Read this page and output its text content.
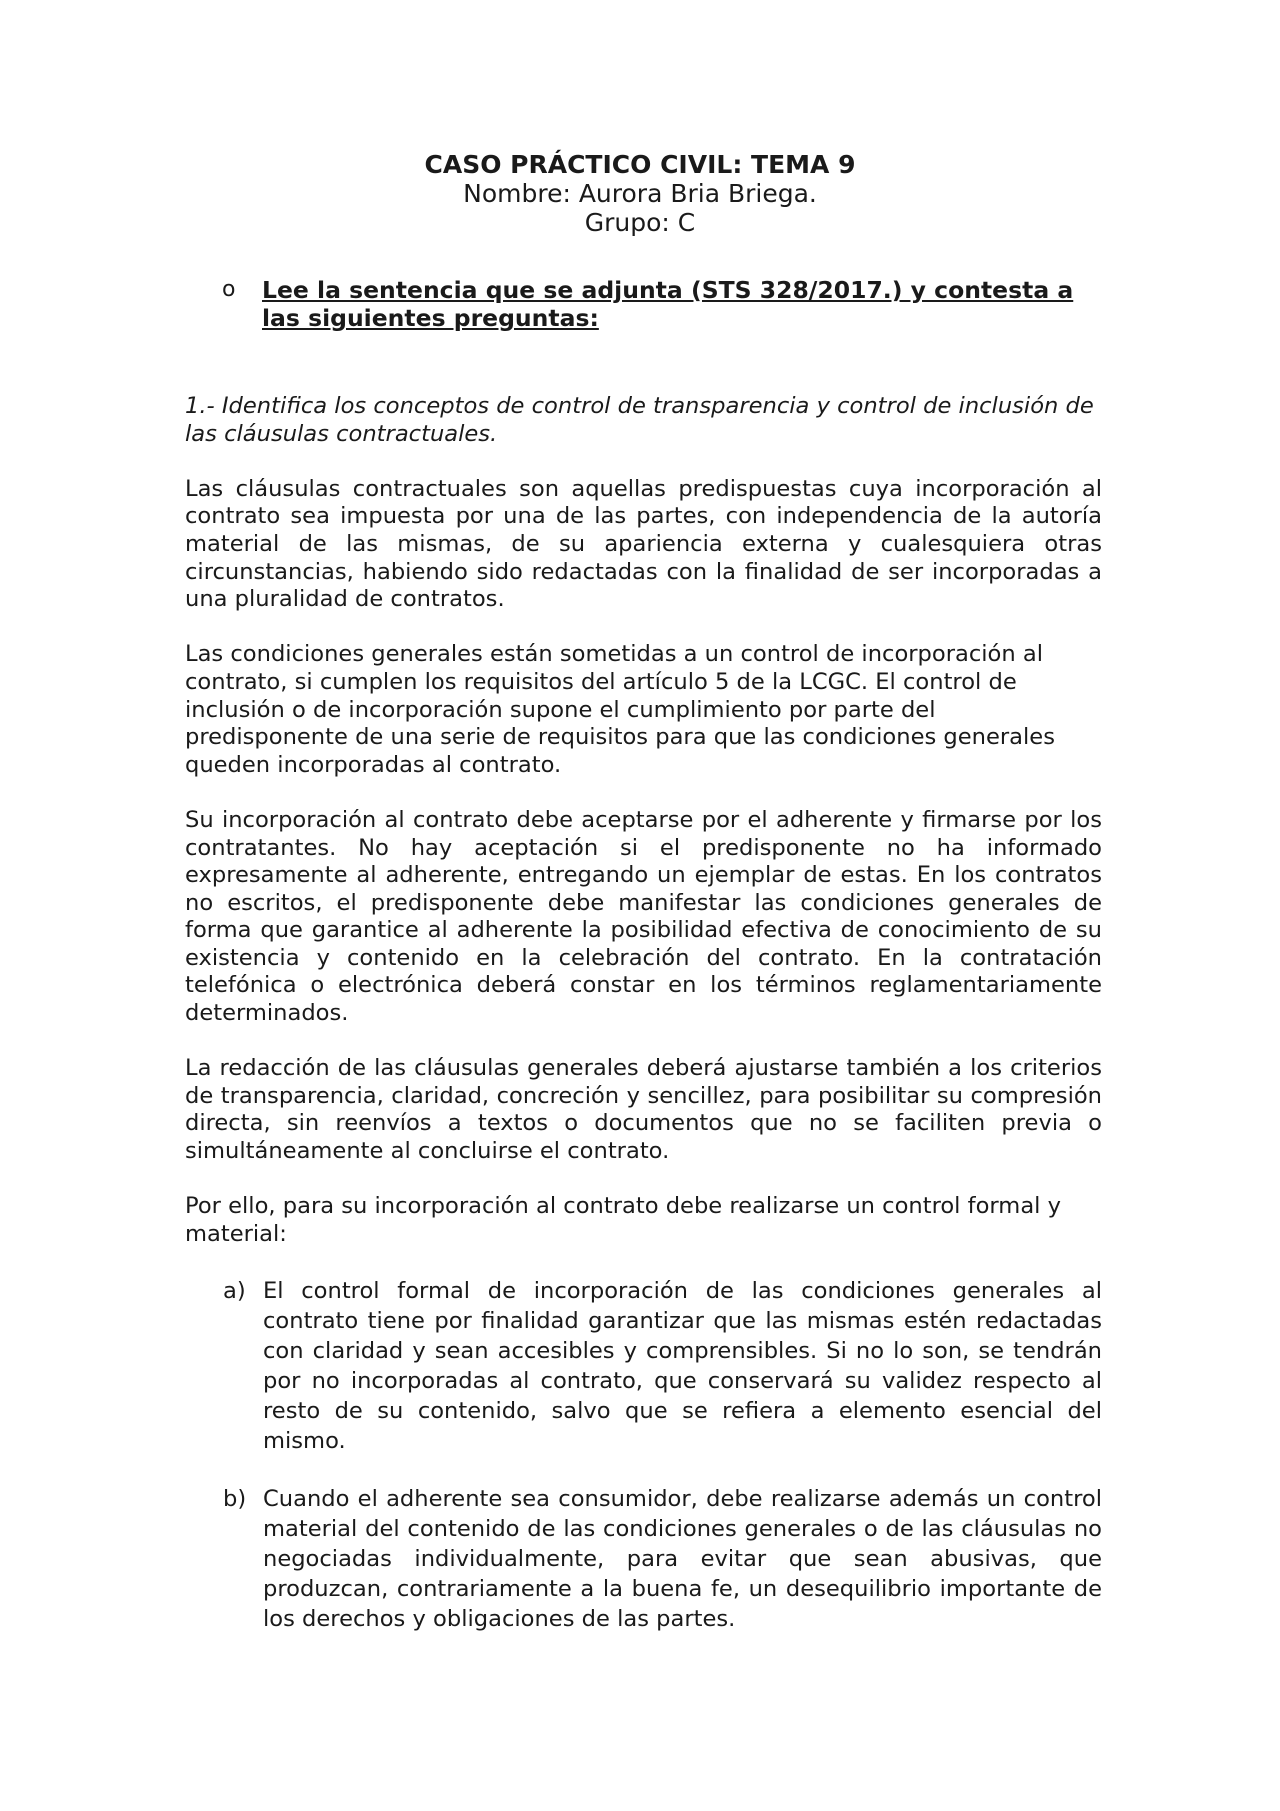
CASO PRÁCTICO CIVIL: TEMA 9
Nombre: Aurora Bria Briega.
Grupo: C
o Lee la sentencia que se adjunta (STS 328/2017.) y contesta a las siguientes preguntas:

1.- Identifica los conceptos de control de transparencia y control de inclusión de las cláusulas contractuales.

Las cláusulas contractuales son aquellas predispuestas cuya incorporación al contrato sea impuesta por una de las partes, con independencia de la autoría material de las mismas, de su apariencia externa y cualesquiera otras circunstancias, habiendo sido redactadas con la finalidad de ser incorporadas a una pluralidad de contratos.

Las condiciones generales están sometidas a un control de incorporación al contrato, si cumplen los requisitos del artículo 5 de la LCGC. El control de inclusión o de incorporación supone el cumplimiento por parte del predisponente de una serie de requisitos para que las condiciones generales queden incorporadas al contrato.

Su incorporación al contrato debe aceptarse por el adherente y firmarse por los contratantes. No hay aceptación si el predisponente no ha informado expresamente al adherente, entregando un ejemplar de estas. En los contratos no escritos, el predisponente debe manifestar las condiciones generales de forma que garantice al adherente la posibilidad efectiva de conocimiento de su existencia y contenido en la celebración del contrato. En la contratación telefónica o electrónica deberá constar en los términos reglamentariamente determinados.

La redacción de las cláusulas generales deberá ajustarse también a los criterios de transparencia, claridad, concreción y sencillez, para posibilitar su compresión directa, sin reenvíos a textos o documentos que no se faciliten previa o simultáneamente al concluirse el contrato.

Por ello, para su incorporación al contrato debe realizarse un control formal y material:

a) El control formal de incorporación de las condiciones generales al contrato tiene por finalidad garantizar que las mismas estén redactadas con claridad y sean accesibles y comprensibles. Si no lo son, se tendrán por no incorporadas al contrato, que conservará su validez respecto al resto de su contenido, salvo que se refiera a elemento esencial del mismo.
b) Cuando el adherente sea consumidor, debe realizarse además un control material del contenido de las condiciones generales o de las cláusulas no negociadas individualmente, para evitar que sean abusivas, que produzcan, contrariamente a la buena fe, un desequilibrio importante de los derechos y obligaciones de las partes.
